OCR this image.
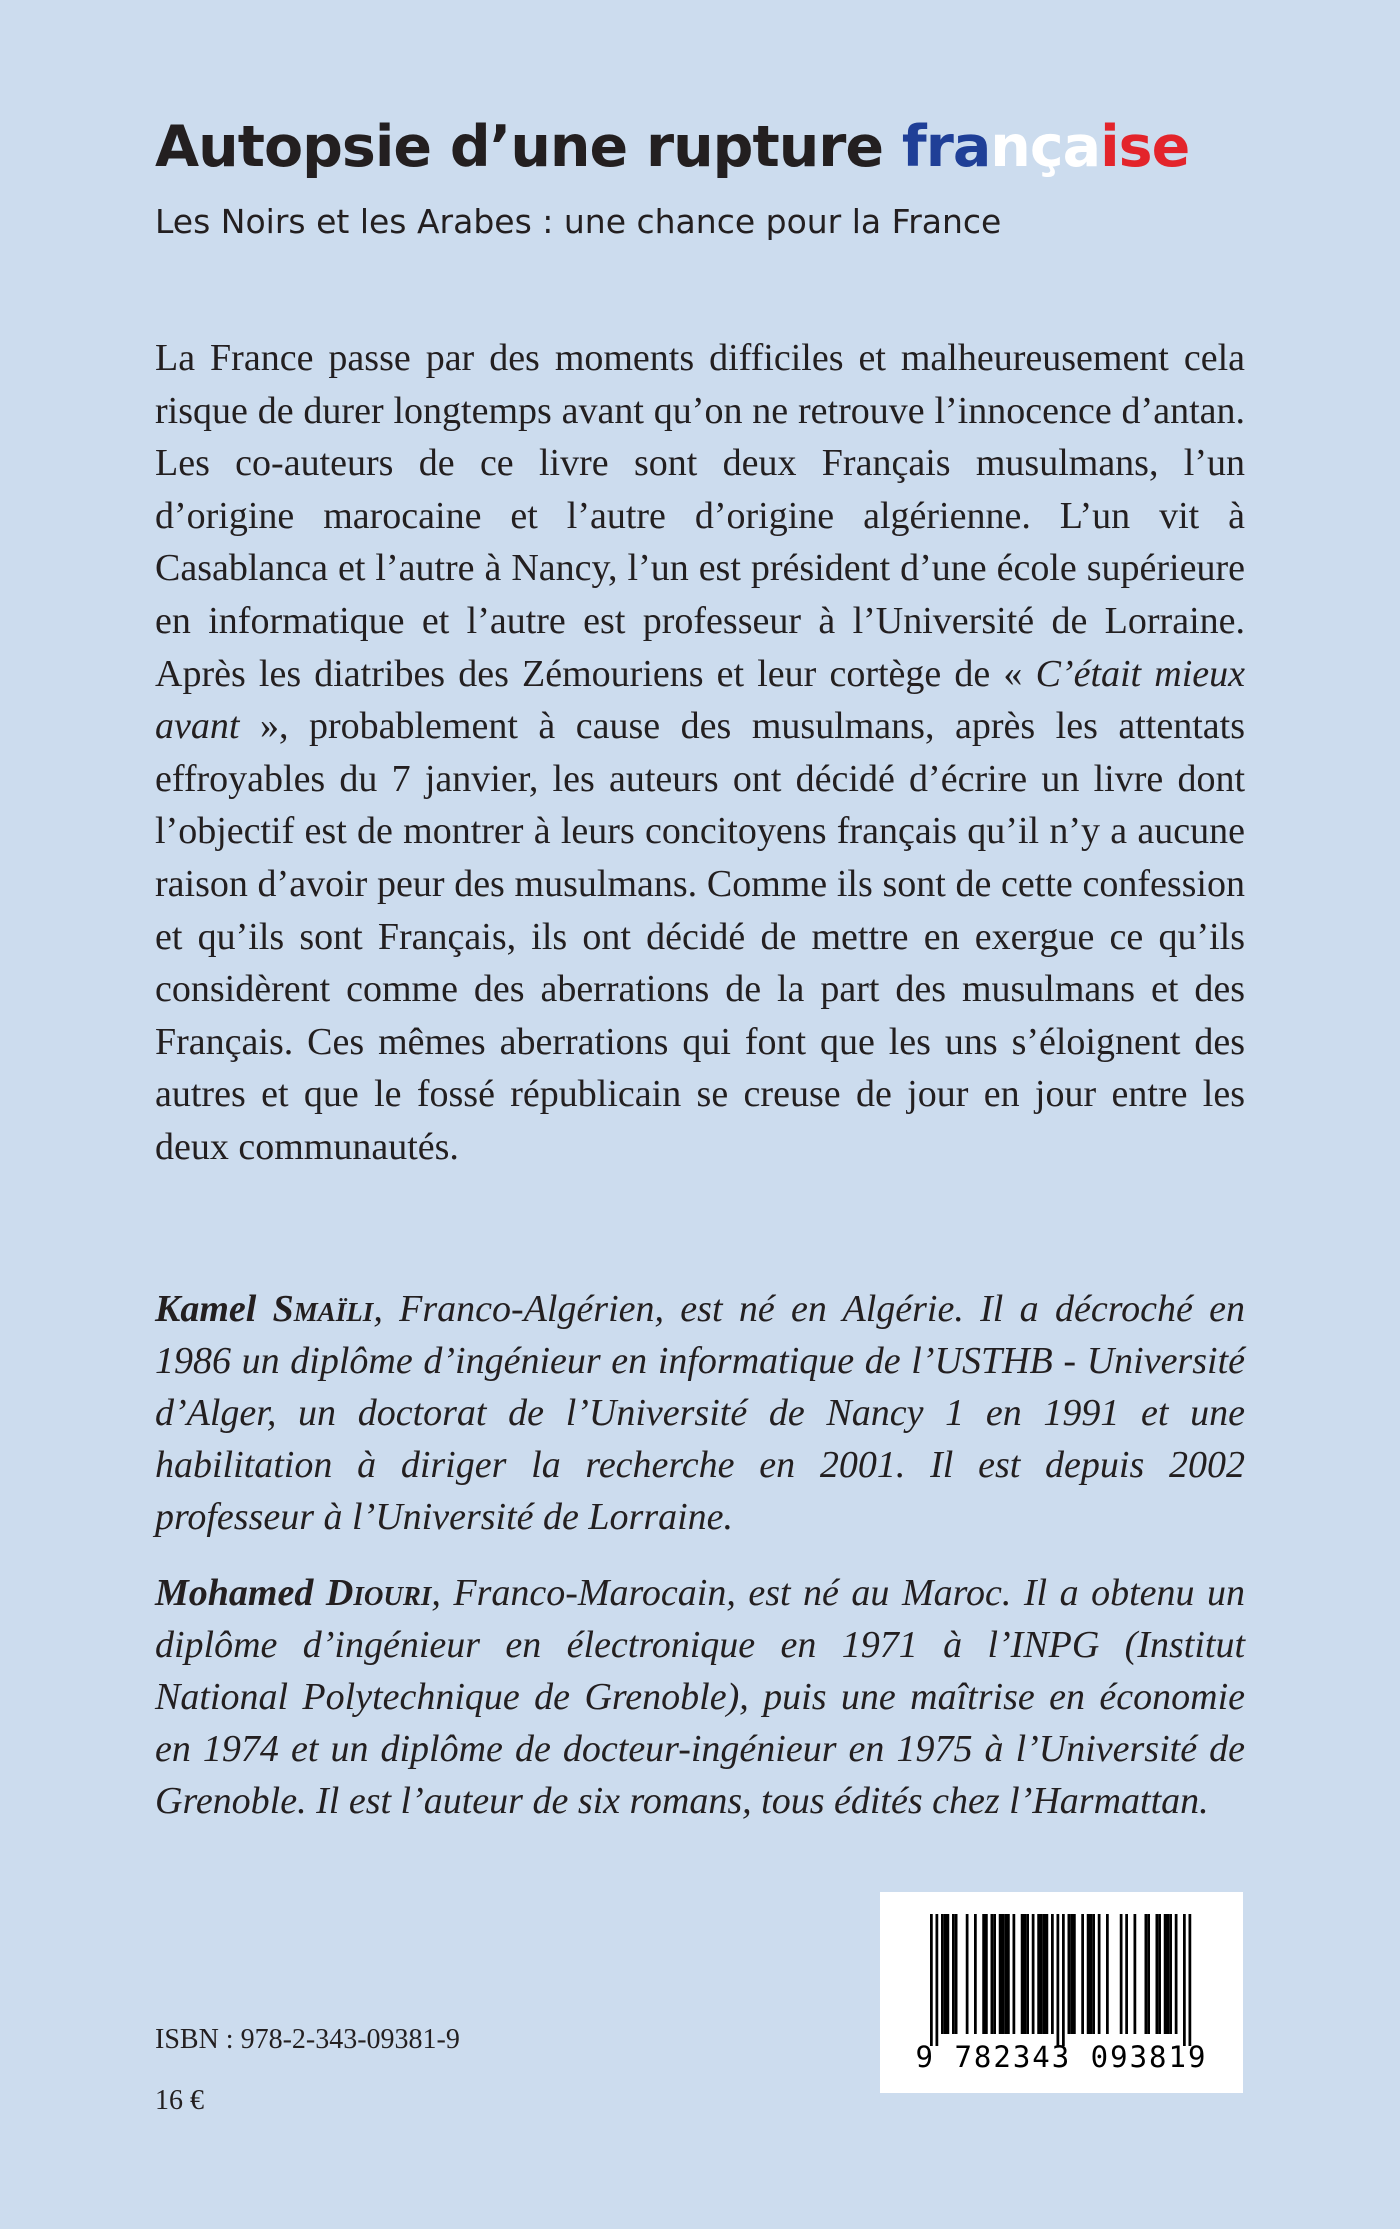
Autopsie d’une rupture française
Les Noirs et les Arabes : une chance pour la France

La France passe par des moments difficiles et malheureusement cela risque de durer longtemps avant qu’on ne retrouve l’innocence d’antan. Les co-auteurs de ce livre sont deux Français musulmans, l’un d’origine marocaine et l’autre d’origine algérienne. L’un vit à Casablanca et l’autre à Nancy, l’un est président d’une école supérieure en informatique et l’autre est professeur à l’Université de Lorraine. Après les diatribes des Zémouriens et leur cortège de « C’était mieux avant », probablement à cause des musulmans, après les attentats effroyables du 7 janvier, les auteurs ont décidé d’écrire un livre dont l’objectif est de montrer à leurs concitoyens français qu’il n’y a aucune raison d’avoir peur des musulmans. Comme ils sont de cette confession et qu’ils sont Français, ils ont décidé de mettre en exergue ce qu’ils considèrent comme des aberrations de la part des musulmans et des Français. Ces mêmes aberrations qui font que les uns s’éloignent des autres et que le fossé républicain se creuse de jour en jour entre les deux communautés.

Kamel Smaïli, Franco-Algérien, est né en Algérie. Il a décroché en 1986 un diplôme d’ingénieur en informatique de l’USTHB - Université d’Alger, un doctorat de l’Université de Nancy 1 en 1991 et une habilitation à diriger la recherche en 2001. Il est depuis 2002 professeur à l’Université de Lorraine.

Mohamed Diouri, Franco-Marocain, est né au Maroc. Il a obtenu un diplôme d’ingénieur en électronique en 1971 à l’INPG (Institut National Polytechnique de Grenoble), puis une maîtrise en économie en 1974 et un diplôme de docteur-ingénieur en 1975 à l’Université de Grenoble. Il est l’auteur de six romans, tous édités chez l’Harmattan.

ISBN : 978-2-343-09381-9
16 €
9 782343 093819
